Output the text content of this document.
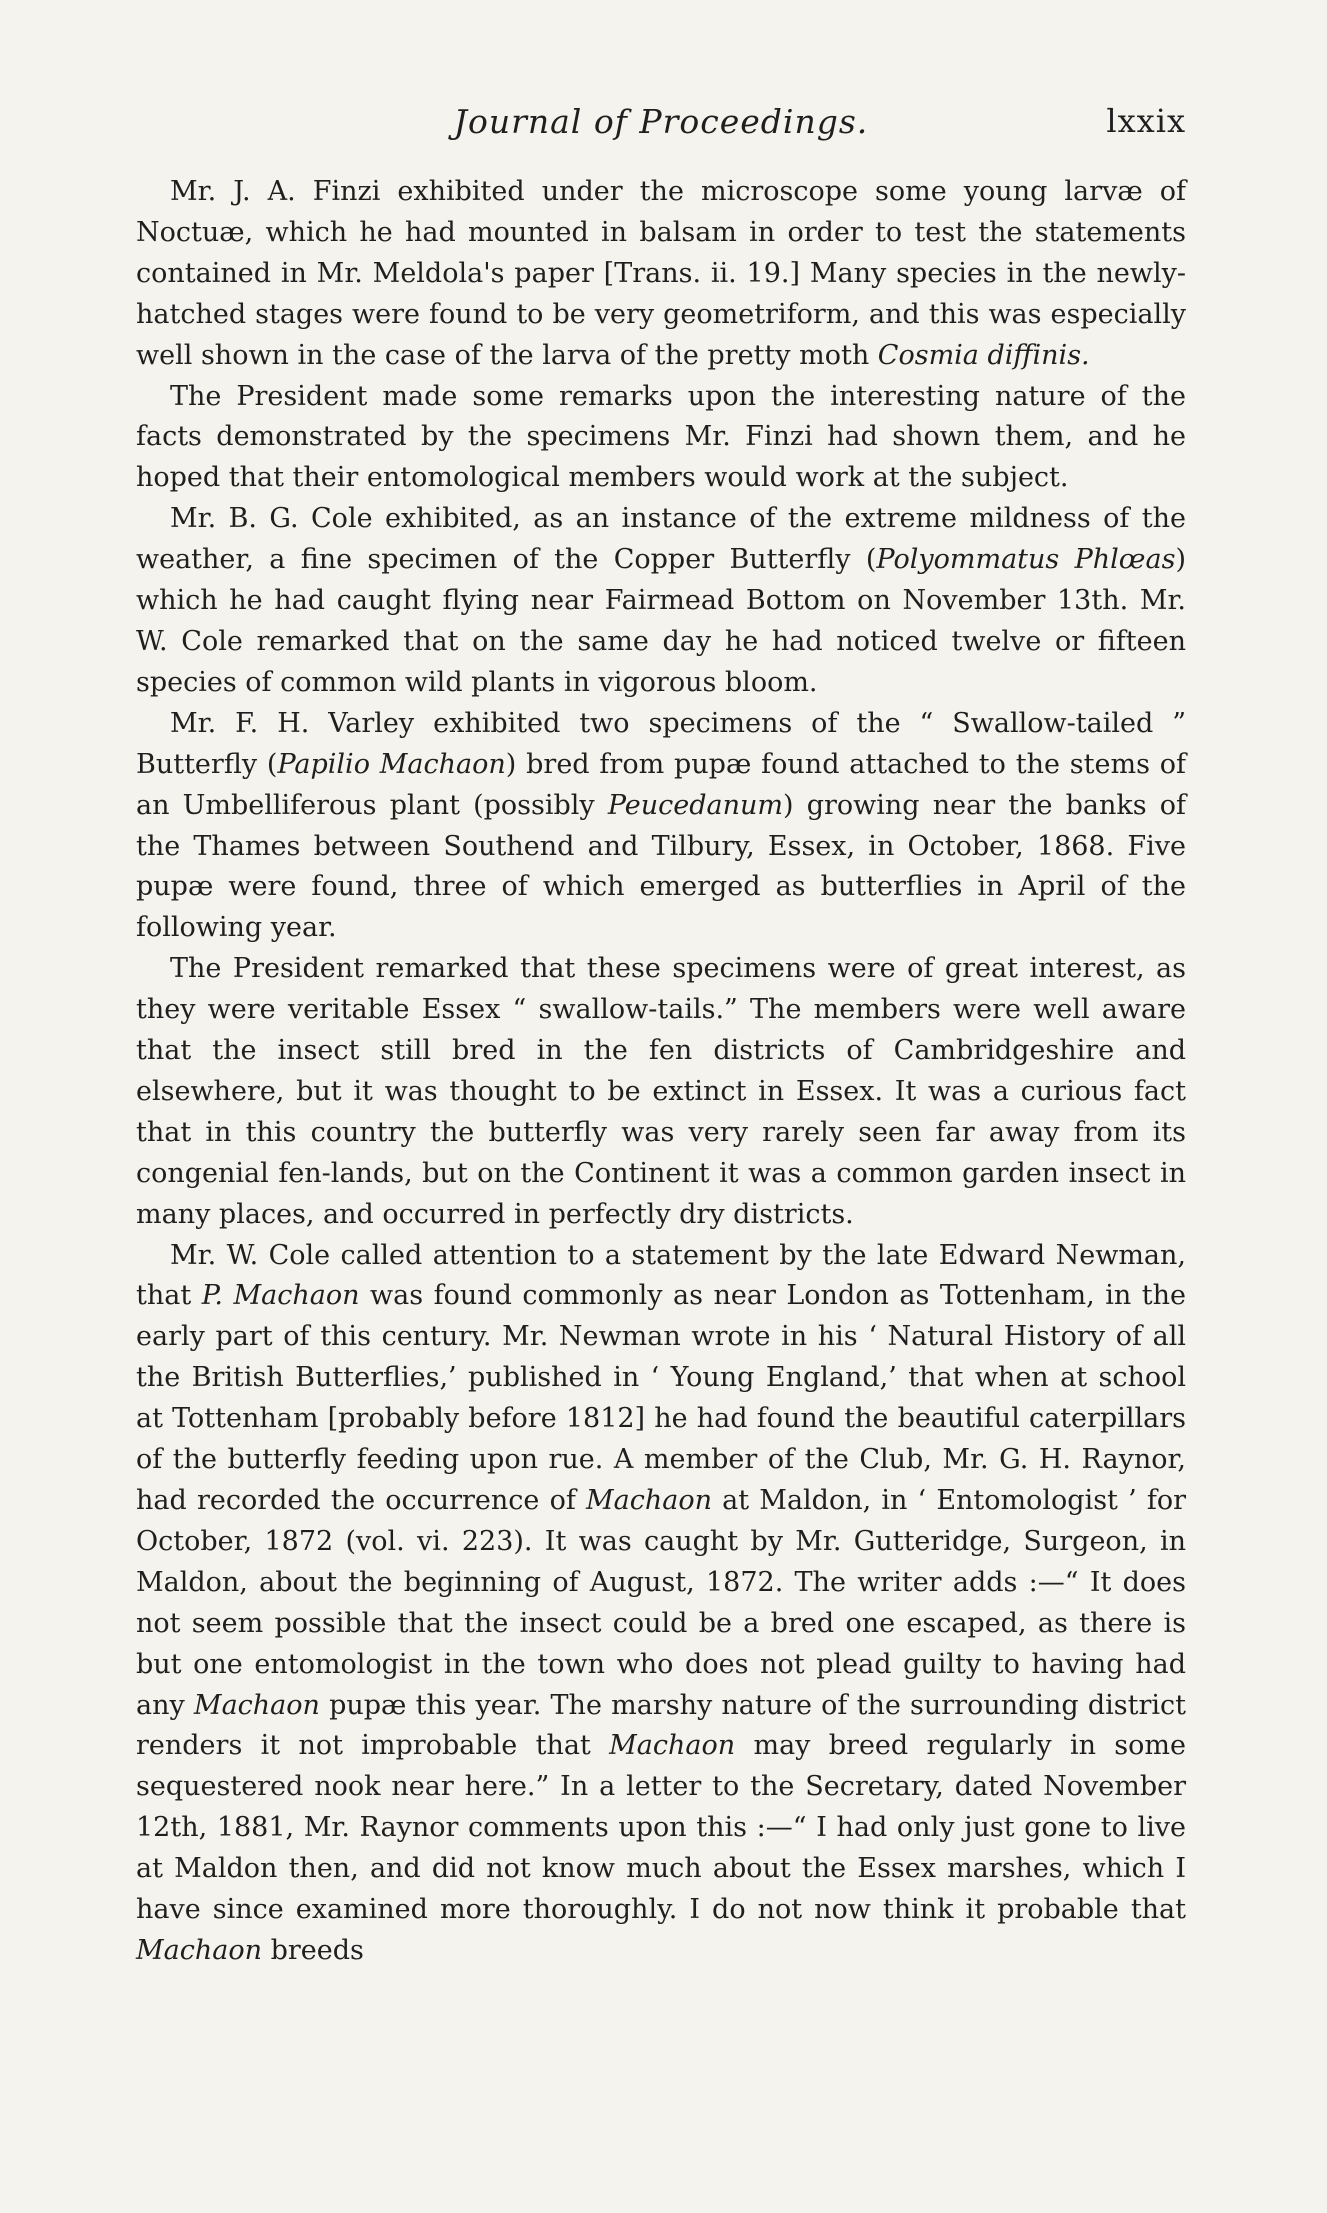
Journal of Proceedings.	lxxix

Mr. J. A. Finzi exhibited under the microscope some young larvæ of Noctuæ, which he had mounted in balsam in order to test the statements contained in Mr. Meldola's paper [Trans. ii. 19.] Many species in the newly-hatched stages were found to be very geometriform, and this was especially well shown in the case of the larva of the pretty moth Cosmia diffinis.

The President made some remarks upon the interesting nature of the facts demonstrated by the specimens Mr. Finzi had shown them, and he hoped that their entomological members would work at the subject.

Mr. B. G. Cole exhibited, as an instance of the extreme mildness of the weather, a fine specimen of the Copper Butterfly (Polyommatus Phlœas) which he had caught flying near Fairmead Bottom on November 13th. Mr. W. Cole remarked that on the same day he had noticed twelve or fifteen species of common wild plants in vigorous bloom.

Mr. F. H. Varley exhibited two specimens of the “ Swallow-tailed ” Butterfly (Papilio Machaon) bred from pupæ found attached to the stems of an Umbelliferous plant (possibly Peucedanum) growing near the banks of the Thames between Southend and Tilbury, Essex, in October, 1868. Five pupæ were found, three of which emerged as butterflies in April of the following year.

The President remarked that these specimens were of great interest, as they were veritable Essex “ swallow-tails.” The members were well aware that the insect still bred in the fen districts of Cambridgeshire and elsewhere, but it was thought to be extinct in Essex. It was a curious fact that in this country the butterfly was very rarely seen far away from its congenial fen-lands, but on the Continent it was a common garden insect in many places, and occurred in perfectly dry districts.

Mr. W. Cole called attention to a statement by the late Edward Newman, that P. Machaon was found commonly as near London as Tottenham, in the early part of this century. Mr. Newman wrote in his ‘ Natural History of all the British Butterflies,’ published in ‘ Young England,’ that when at school at Tottenham [probably before 1812] he had found the beautiful caterpillars of the butterfly feeding upon rue. A member of the Club, Mr. G. H. Raynor, had recorded the occurrence of Machaon at Maldon, in ‘ Entomologist ’ for October, 1872 (vol. vi. 223). It was caught by Mr. Gutteridge, Surgeon, in Maldon, about the beginning of August, 1872. The writer adds :—“ It does not seem possible that the insect could be a bred one escaped, as there is but one entomologist in the town who does not plead guilty to having had any Machaon pupæ this year. The marshy nature of the surrounding district renders it not improbable that Machaon may breed regularly in some sequestered nook near here.” In a letter to the Secretary, dated November 12th, 1881, Mr. Raynor comments upon this :—“ I had only just gone to live at Maldon then, and did not know much about the Essex marshes, which I have since examined more thoroughly. I do not now think it probable that Machaon breeds
